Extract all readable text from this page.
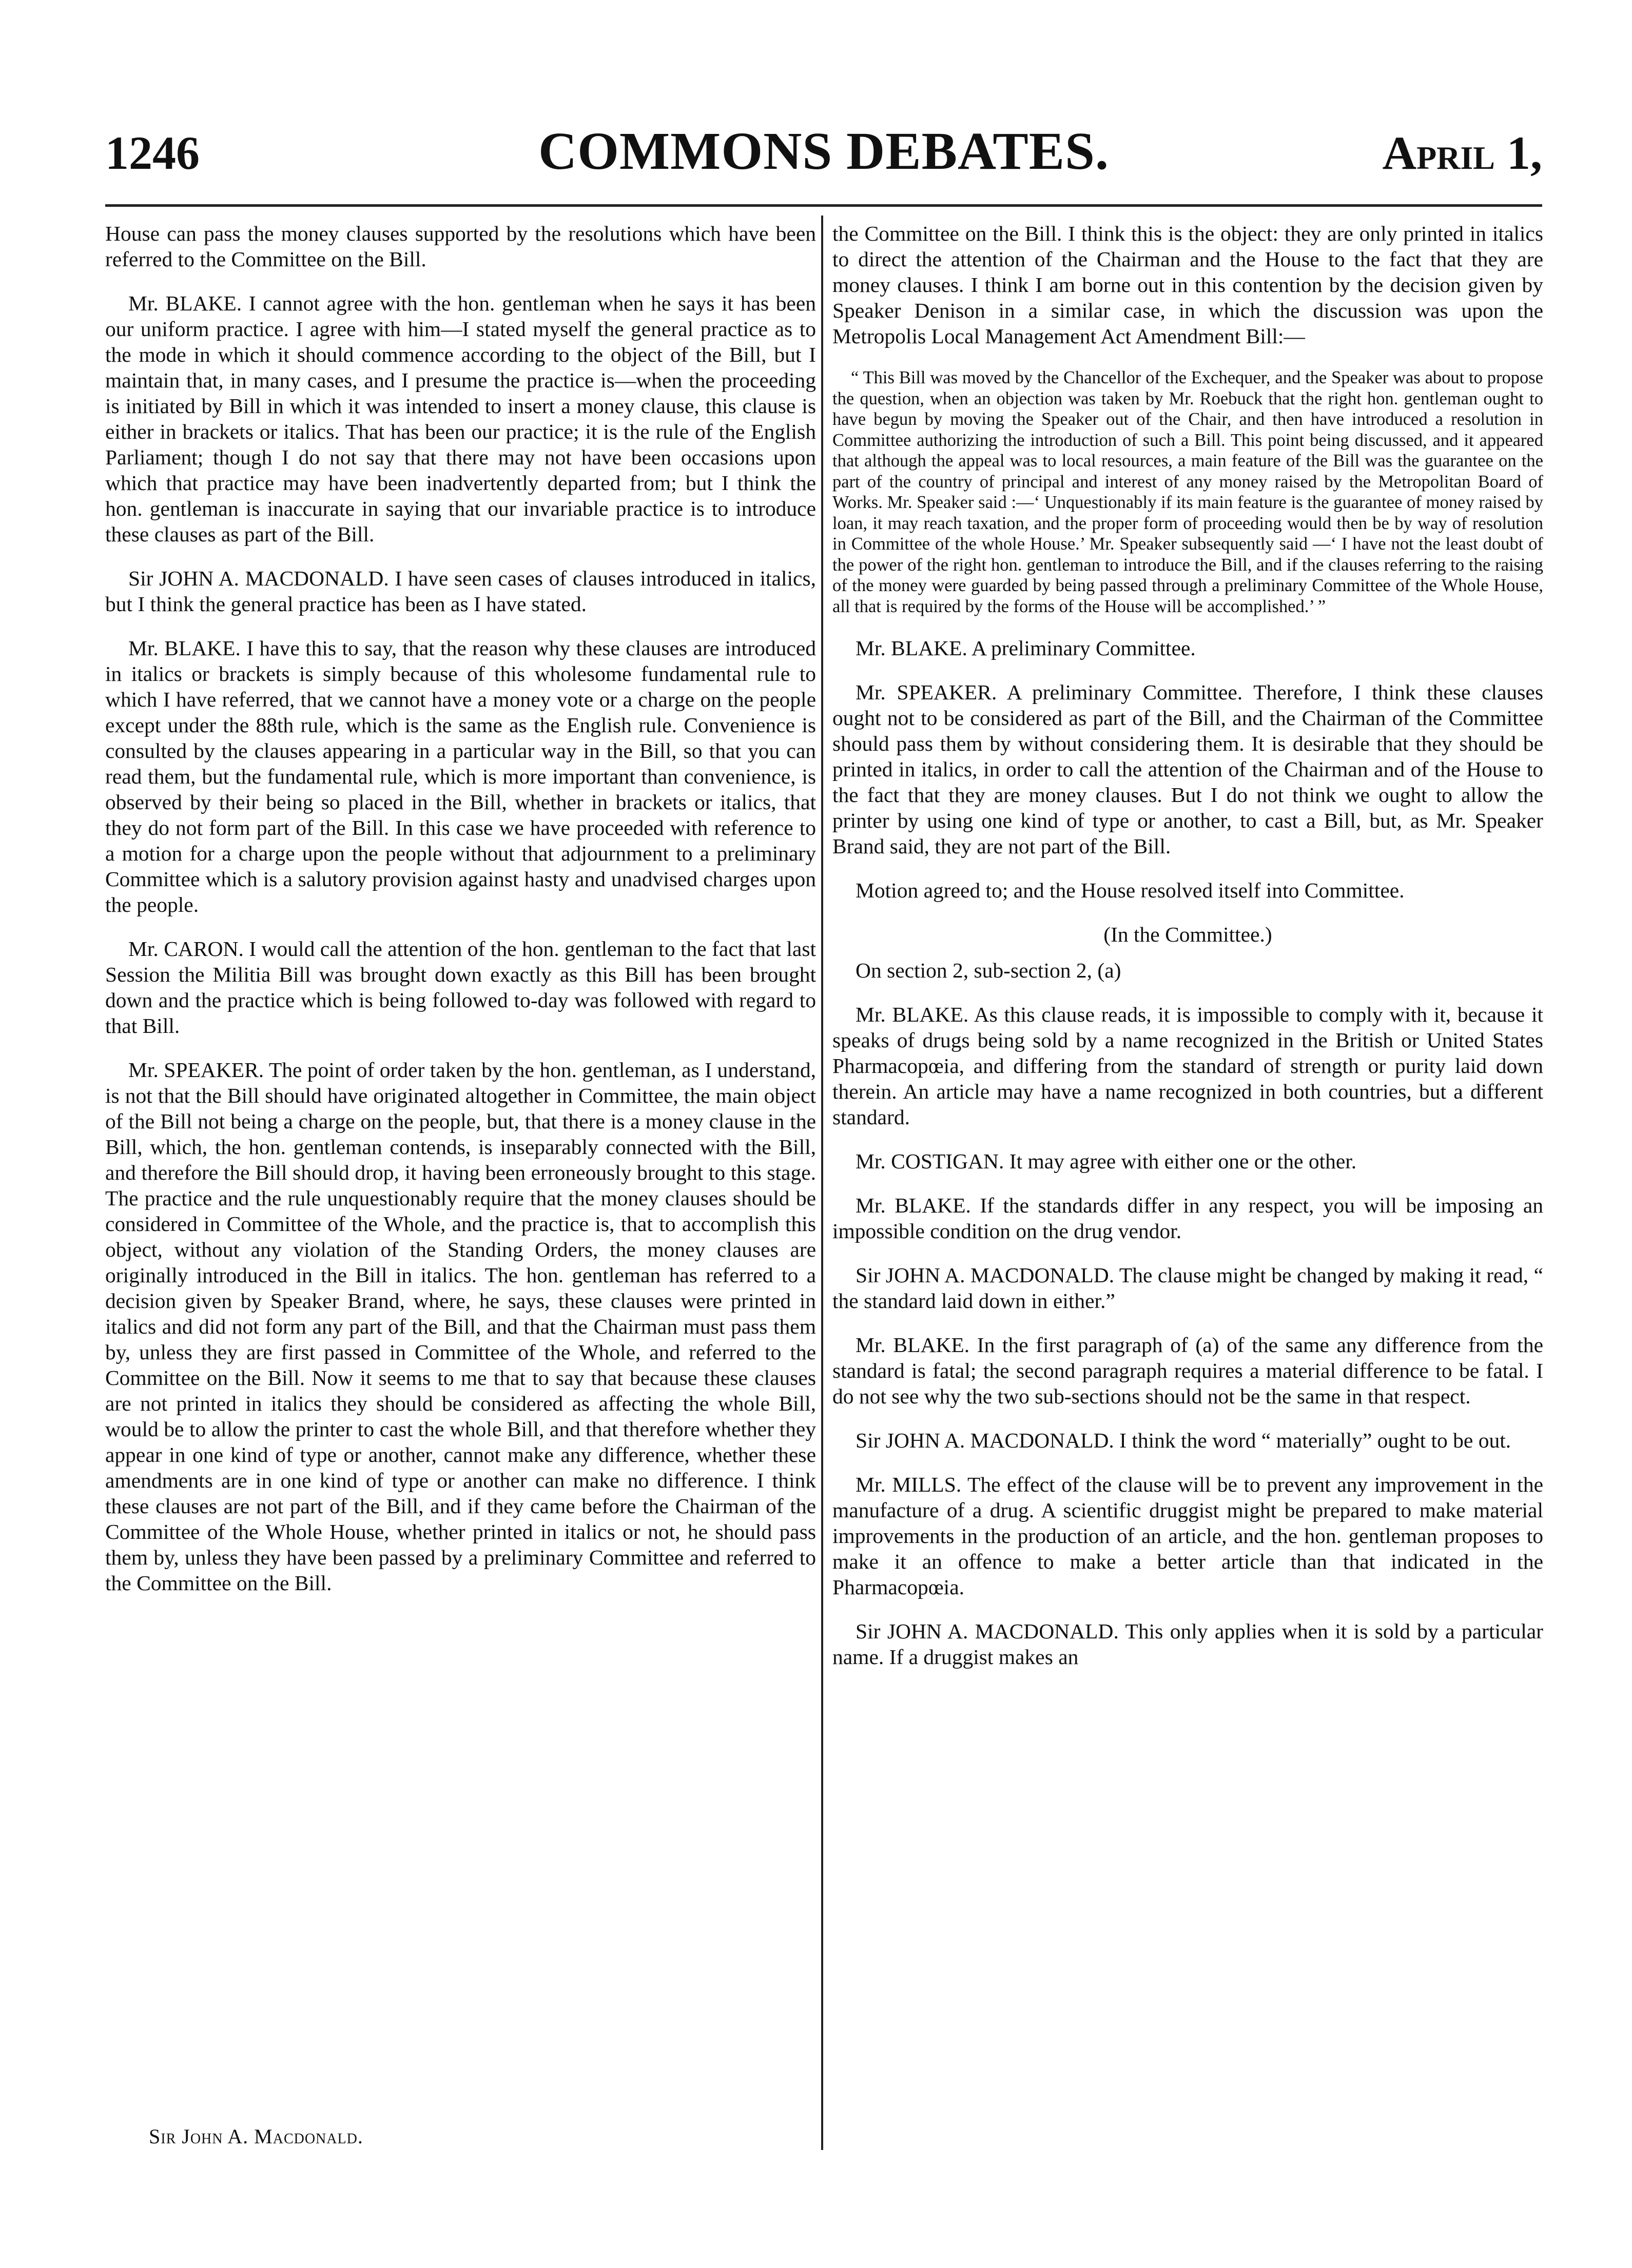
1246	COMMONS DEBATES.	April 1,

House can pass the money clauses supported by the resolutions which have been referred to the Committee on the Bill.

Mr. BLAKE. I cannot agree with the hon. gentleman when he says it has been our uniform practice. I agree with him—I stated myself the general practice as to the mode in which it should commence according to the object of the Bill, but I maintain that, in many cases, and I presume the practice is—when the proceeding is initiated by Bill in which it was intended to insert a money clause, this clause is either in brackets or italics. That has been our practice; it is the rule of the English Parliament; though I do not say that there may not have been occasions upon which that practice may have been inadvertently departed from; but I think the hon. gentleman is inaccurate in saying that our invariable practice is to introduce these clauses as part of the Bill.

Sir JOHN A. MACDONALD. I have seen cases of clauses introduced in italics, but I think the general practice has been as I have stated.

Mr. BLAKE. I have this to say, that the reason why these clauses are introduced in italics or brackets is simply because of this wholesome fundamental rule to which I have referred, that we cannot have a money vote or a charge on the people except under the 88th rule, which is the same as the English rule. Convenience is consulted by the clauses appearing in a particular way in the Bill, so that you can read them, but the fundamental rule, which is more important than convenience, is observed by their being so placed in the Bill, whether in brackets or italics, that they do not form part of the Bill. In this case we have proceeded with reference to a motion for a charge upon the people without that adjournment to a preliminary Committee which is a salutory provision against hasty and unadvised charges upon the people.

Mr. CARON. I would call the attention of the hon. gentleman to the fact that last Session the Militia Bill was brought down exactly as this Bill has been brought down and the practice which is being followed to-day was followed with regard to that Bill.

Mr. SPEAKER. The point of order taken by the hon. gentleman, as I understand, is not that the Bill should have originated altogether in Committee, the main object of the Bill not being a charge on the people, but, that there is a money clause in the Bill, which, the hon. gentleman contends, is inseparably connected with the Bill, and therefore the Bill should drop, it having been erroneously brought to this stage. The practice and the rule unquestionably require that the money clauses should be considered in Committee of the Whole, and the practice is, that to accomplish this object, without any violation of the Standing Orders, the money clauses are originally introduced in the Bill in italics. The hon. gentleman has referred to a decision given by Speaker Brand, where, he says, these clauses were printed in italics and did not form any part of the Bill, and that the Chairman must pass them by, unless they are first passed in Committee of the Whole, and referred to the Committee on the Bill. Now it seems to me that to say that because these clauses are not printed in italics they should be considered as affecting the whole Bill, would be to allow the printer to cast the whole Bill, and that therefore whether they appear in one kind of type or another, cannot make any difference, whether these amendments are in one kind of type or another can make no difference. I think these clauses are not part of the Bill, and if they came before the Chairman of the Committee of the Whole House, whether printed in italics or not, he should pass them by, unless they have been passed by a preliminary Committee and referred to the Committee on the Bill.

the Committee on the Bill. I think this is the object: they are only printed in italics to direct the attention of the Chairman and the House to the fact that they are money clauses. I think I am borne out in this contention by the decision given by Speaker Denison in a similar case, in which the discussion was upon the Metropolis Local Management Act Amendment Bill:—

“ This Bill was moved by the Chancellor of the Exchequer, and the Speaker was about to propose the question, when an objection was taken by Mr. Roebuck that the right hon. gentleman ought to have begun by moving the Speaker out of the Chair, and then have introduced a resolution in Committee authorizing the introduction of such a Bill. This point being discussed, and it appeared that although the appeal was to local resources, a main feature of the Bill was the guarantee on the part of the country of principal and interest of any money raised by the Metropolitan Board of Works. Mr. Speaker said :—‘ Unquestionably if its main feature is the guarantee of money raised by loan, it may reach taxation, and the proper form of proceeding would then be by way of resolution in Committee of the whole House.’ Mr. Speaker subsequently said —‘ I have not the least doubt of the power of the right hon. gentleman to introduce the Bill, and if the clauses referring to the raising of the money were guarded by being passed through a preliminary Committee of the Whole House, all that is required by the forms of the House will be accomplished.’ ”

Mr. BLAKE. A preliminary Committee.

Mr. SPEAKER. A preliminary Committee. Therefore, I think these clauses ought not to be considered as part of the Bill, and the Chairman of the Committee should pass them by without considering them. It is desirable that they should be printed in italics, in order to call the attention of the Chairman and of the House to the fact that they are money clauses. But I do not think we ought to allow the printer by using one kind of type or another, to cast a Bill, but, as Mr. Speaker Brand said, they are not part of the Bill.

Motion agreed to; and the House resolved itself into Committee.

(In the Committee.)

On section 2, sub-section 2, (a)

Mr. BLAKE. As this clause reads, it is impossible to comply with it, because it speaks of drugs being sold by a name recognized in the British or United States Pharmacopœia, and differing from the standard of strength or purity laid down therein. An article may have a name recognized in both countries, but a different standard.

Mr. COSTIGAN. It may agree with either one or the other.

Mr. BLAKE. If the standards differ in any respect, you will be imposing an impossible condition on the drug vendor.

Sir JOHN A. MACDONALD. The clause might be changed by making it read, “ the standard laid down in either.”

Mr. BLAKE. In the first paragraph of (a) of the same any difference from the standard is fatal; the second paragraph requires a material difference to be fatal. I do not see why the two sub-sections should not be the same in that respect.

Sir JOHN A. MACDONALD. I think the word “ materially” ought to be out.

Mr. MILLS. The effect of the clause will be to prevent any improvement in the manufacture of a drug. A scientific druggist might be prepared to make material improvements in the production of an article, and the hon. gentleman proposes to make it an offence to make a better article than that indicated in the Pharmacopœia.

Sir JOHN A. MACDONALD. This only applies when it is sold by a particular name. If a druggist makes an

Sir John A. Macdonald.
